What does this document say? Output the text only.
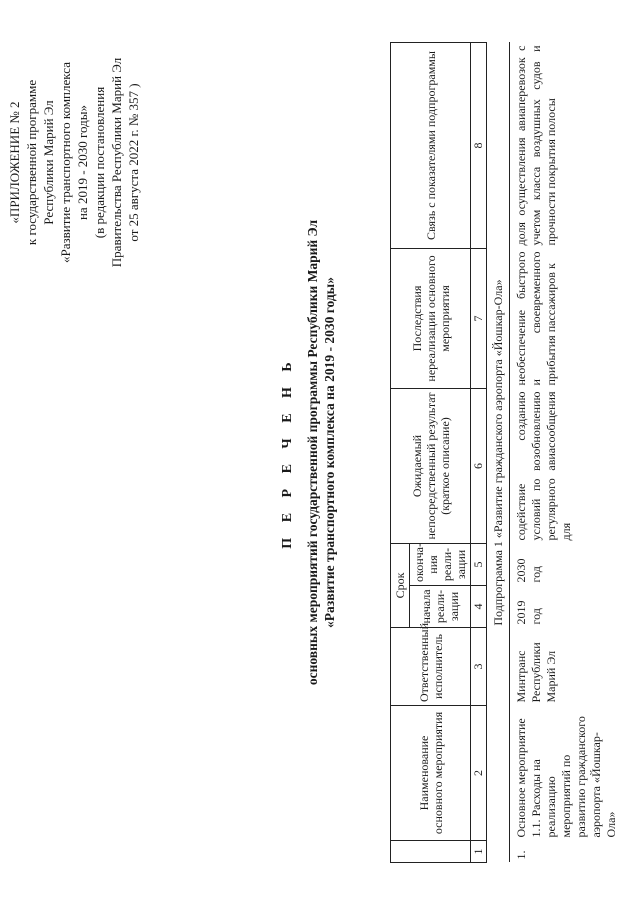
«ПРИЛОЖЕНИЕ № 2 к государственной программе Республики Марий Эл «Развитие транспортного комплекса на 2019 - 2030 годы» (в редакции постановления Правительства Республики Марий Эл от 25 августа 2022 г. № 357 )
П Е Р Е Ч Е Н Ь основных мероприятий государственной программы Республики Марий Эл «Развитие транспортного комплекса на 2019 - 2030 годы»
	Наименование основного мероприятия	Ответственный исполнитель	Срок		Ожидаемый непосредственный результат (краткое описание)	Последствия нереализации основного мероприятия	Связь с показателями подпрограммы
			начала реали-зации	оконча-ния реали-зации			
1	2	3	4	5	6	7	8
Подпрограмма 1 «Развитие гражданского аэропорта «Йошкар-Ола»							
1.	Основное мероприятие 1.1. Расходы на реализацию мероприятий по развитию гражданского аэропорта «Йошкар-Ола»	Минтранс Республики Марий Эл	2019 год	2030 год	содействие созданию условий по возобновлению регулярного авиасообщения для	необеспечение быстрого и своевременного прибытия пассажиров к	доля осуществления авиаперевозок с учетом класса воздушных судов и прочности покрытия полосы
